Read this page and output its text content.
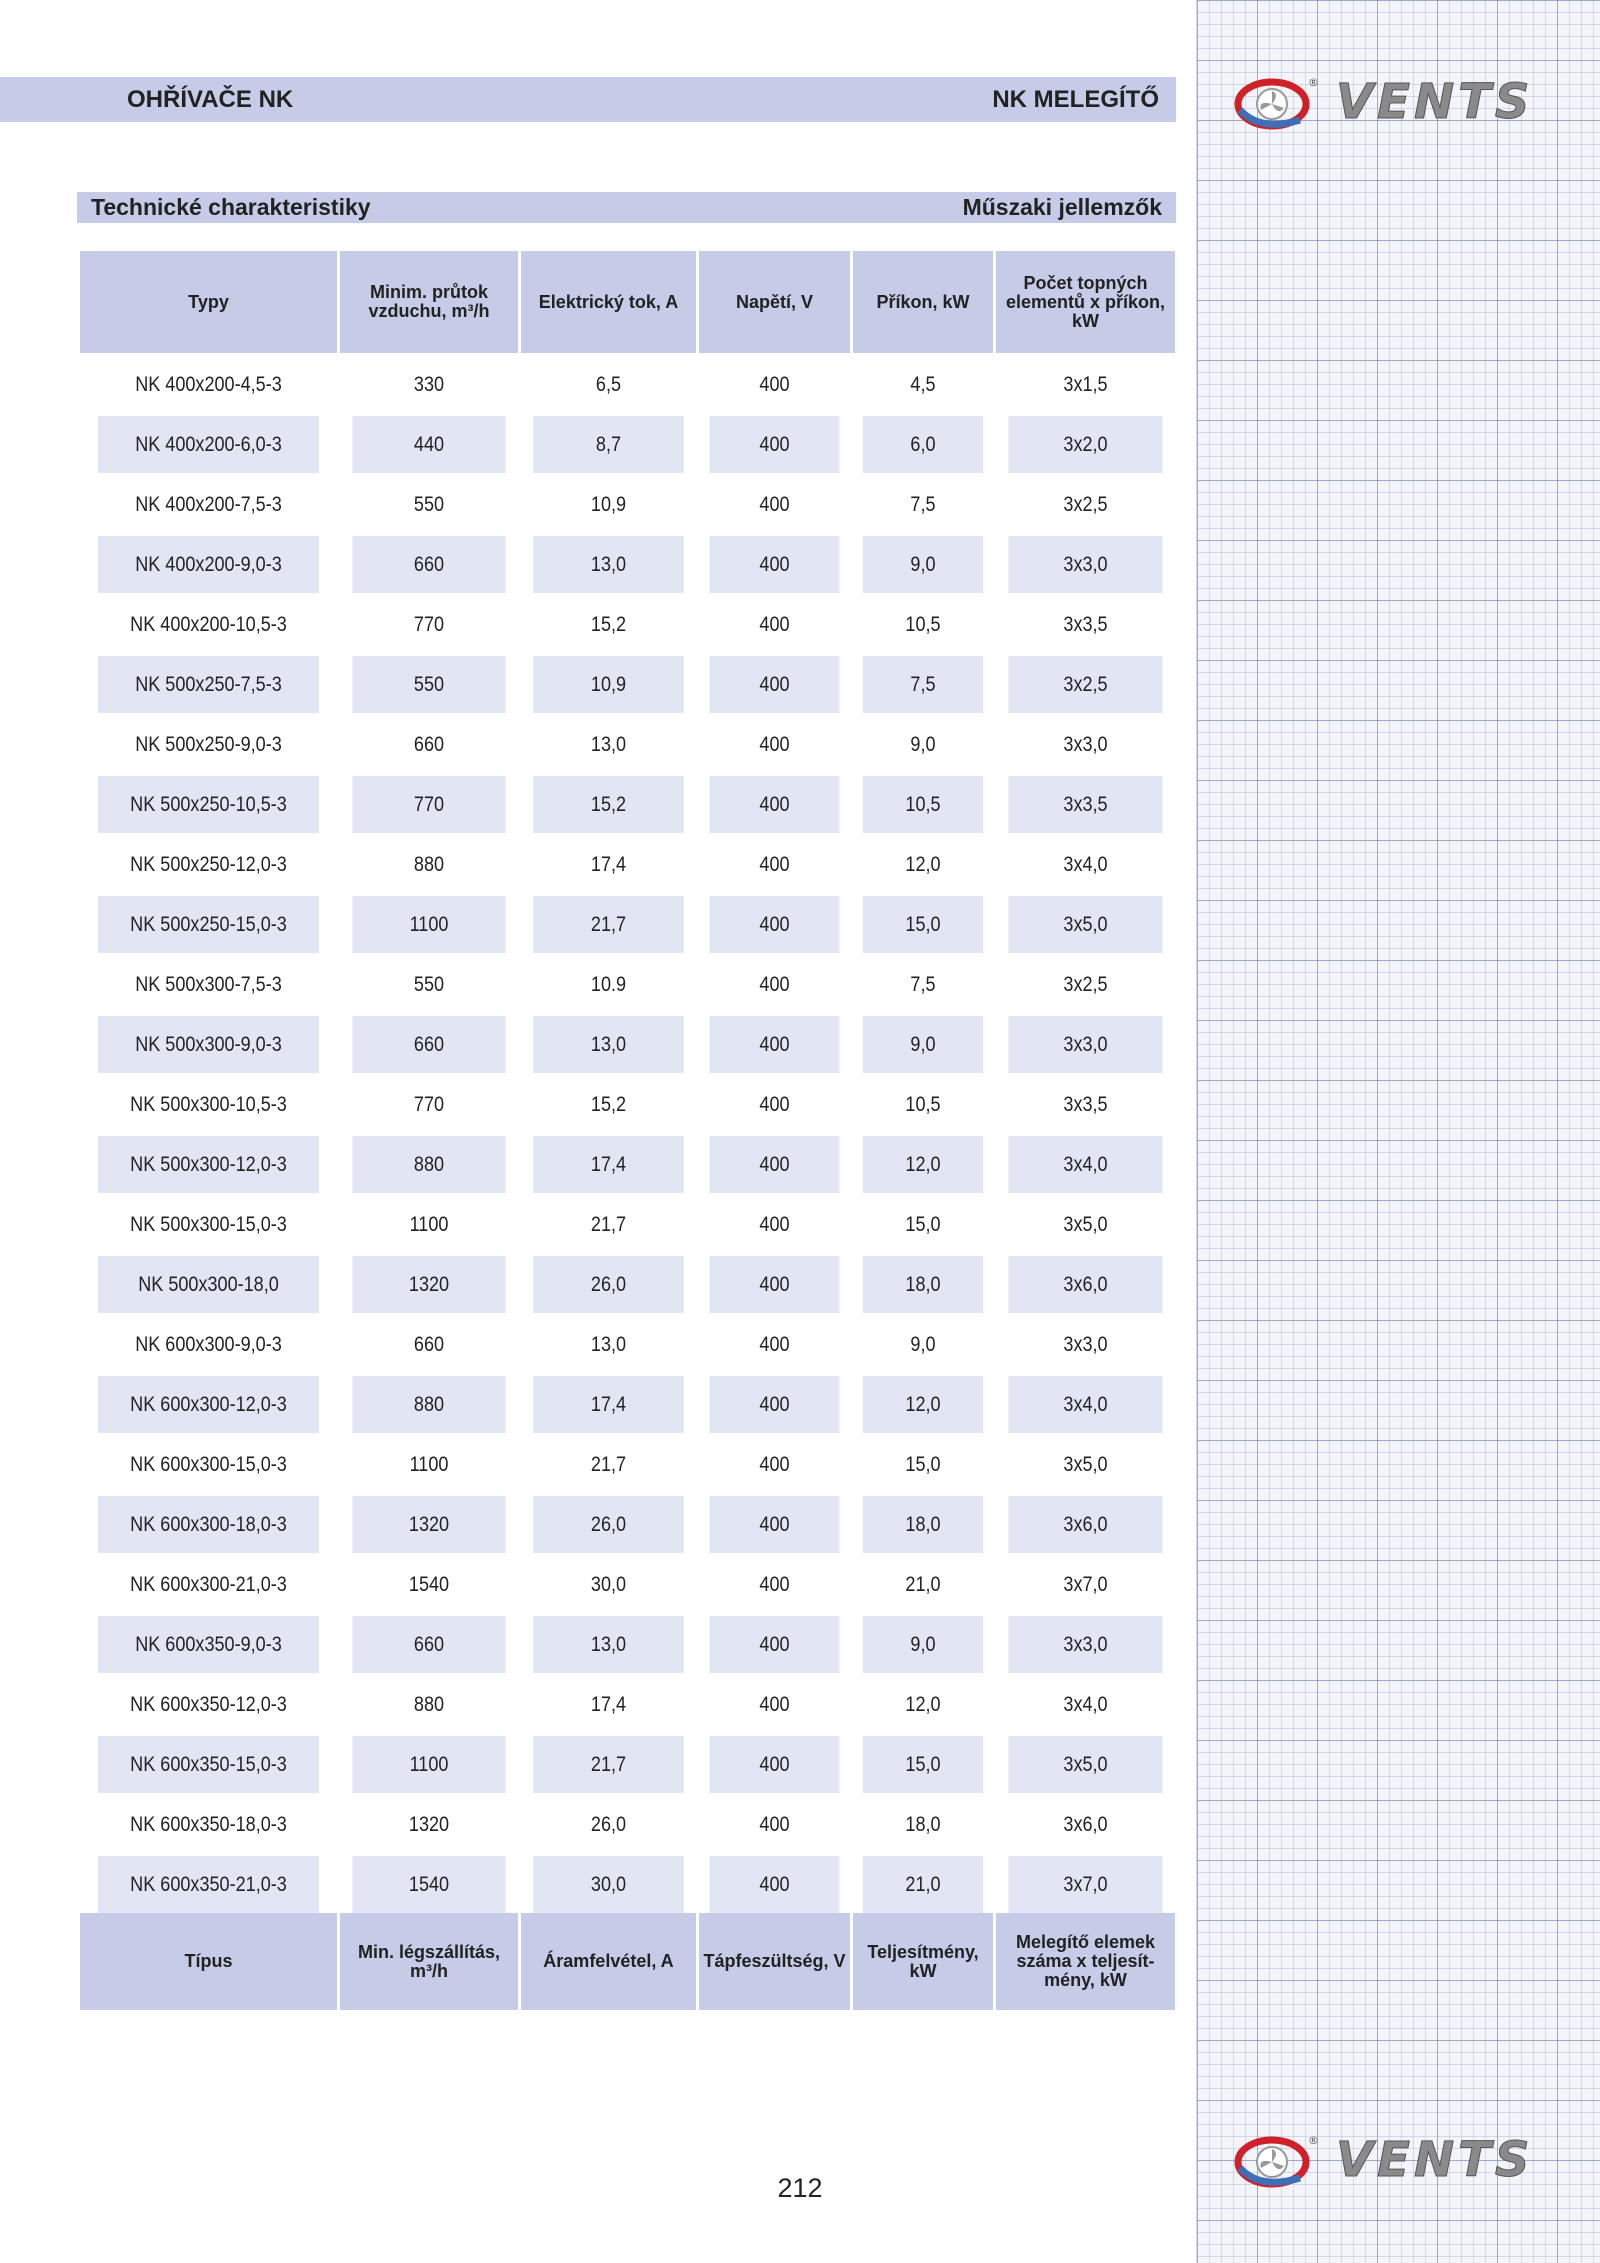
® VENTS
OHŘÍVAČE NK	NK MELEGÍTŐ
Technické charakteristiky	Műszaki jellemzők
Typy	Minim. průtok vzduchu, m³/h	Elektrický tok, A	Napětí, V	Příkon, kW	Počet topných elementů x příkon, kW
NK 400x200-4,5-3	330	6,5	400	4,5	3x1,5
NK 400x200-6,0-3	440	8,7	400	6,0	3x2,0
NK 400x200-7,5-3	550	10,9	400	7,5	3x2,5
NK 400x200-9,0-3	660	13,0	400	9,0	3x3,0
NK 400x200-10,5-3	770	15,2	400	10,5	3x3,5
NK 500x250-7,5-3	550	10,9	400	7,5	3x2,5
NK 500x250-9,0-3	660	13,0	400	9,0	3x3,0
NK 500x250-10,5-3	770	15,2	400	10,5	3x3,5
NK 500x250-12,0-3	880	17,4	400	12,0	3x4,0
NK 500x250-15,0-3	1100	21,7	400	15,0	3x5,0
NK 500x300-7,5-3	550	10.9	400	7,5	3x2,5
NK 500x300-9,0-3	660	13,0	400	9,0	3x3,0
NK 500x300-10,5-3	770	15,2	400	10,5	3x3,5
NK 500x300-12,0-3	880	17,4	400	12,0	3x4,0
NK 500x300-15,0-3	1100	21,7	400	15,0	3x5,0
NK 500x300-18,0	1320	26,0	400	18,0	3x6,0
NK 600x300-9,0-3	660	13,0	400	9,0	3x3,0
NK 600x300-12,0-3	880	17,4	400	12,0	3x4,0
NK 600x300-15,0-3	1100	21,7	400	15,0	3x5,0
NK 600x300-18,0-3	1320	26,0	400	18,0	3x6,0
NK 600x300-21,0-3	1540	30,0	400	21,0	3x7,0
NK 600x350-9,0-3	660	13,0	400	9,0	3x3,0
NK 600x350-12,0-3	880	17,4	400	12,0	3x4,0
NK 600x350-15,0-3	1100	21,7	400	15,0	3x5,0
NK 600x350-18,0-3	1320	26,0	400	18,0	3x6,0
NK 600x350-21,0-3	1540	30,0	400	21,0	3x7,0
Típus	Min. légszállítás, m³/h	Áramfelvétel, A	Tápfeszültség, V	Teljesítmény, kW	Melegítő elemek száma x teljesít-mény, kW
212
® VENTS
